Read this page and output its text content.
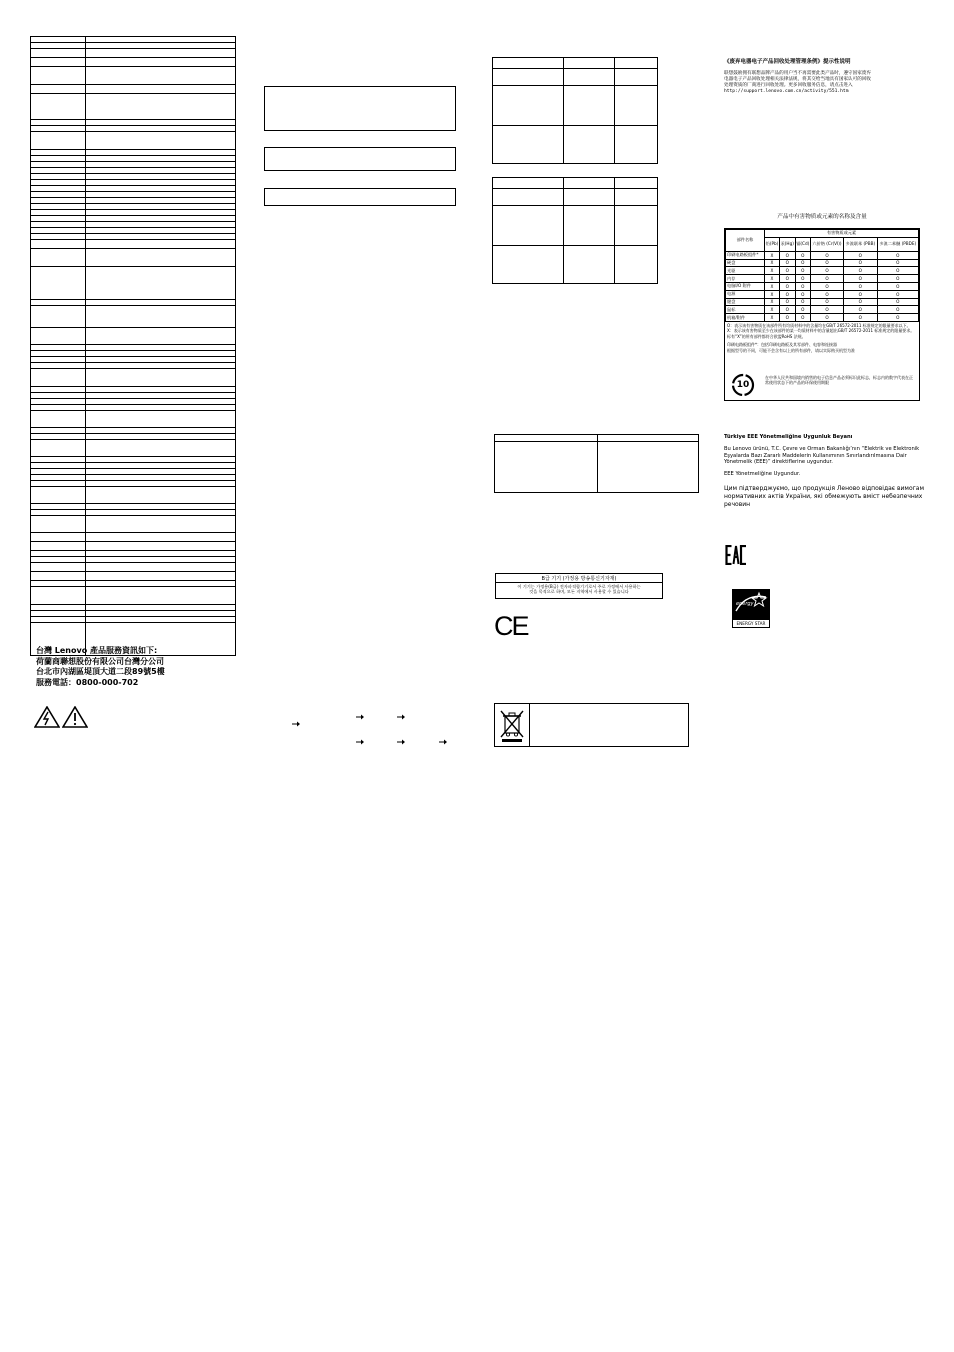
台灣 Lenovo 產品服務資訊如下:
荷蘭商聯想股份有限公司台灣分公司
台北市內湖區堤頂大道二段89號5樓
服務電話：0800-000-702

B급 기기 (가정용 방송통신기자재)

이 기기는 가정용(B급) 전자파적합기기로서 주로 가정에서 사용하는
것을 목적으로 하며, 모든 지역에서 사용할 수 있습니다
CE
《废弃电器电子产品回收处理管理条例》提示性说明
联想鼓励拥有联想品牌产品的用户当不再需要此类产品时，遵守国家废弃
电器电子产品回收处理相关法律法规，将其交给当地具有国家认可的回收
处理资质的厂商进行回收处理。更多回收服务信息，请点击进入
http://support.lenovo.com.cn/activity/551.htm
产品中有害物质或元素的名称及含量
部件名称	有害物质或元素					
	铅(Pb)	汞(Hg)	镉(Cd)	六价铬 (Cr(VI))	多溴联苯 (PBB)	多溴二苯醚 (PBDE)
印刷电路板组件*	X	O	O	O	O	O
硬盘	X	O	O	O	O	O
光驱	X	O	O	O	O	O
内存	X	O	O	O	O	O
电脑I/O 附件	X	O	O	O	O	O
电源	X	O	O	O	O	O
键盘	X	O	O	O	O	O
鼠标	X	O	O	O	O	O
机箱/附件	X	O	O	O	O	O
O：表示该有害物质在该部件所有均质材料中的含量均在GB/T 26572-2011 标准规定的限量要求以下。
X：表示该有害物质至少在该部件的某一均质材料中的含量超出GB/T 26572-2011 标准规定的限量要求。
标有“X”的所有部件都符合欧盟RoHS 法规。
印刷电路板组件*：包括印刷电路板及其零部件、电容和连接器
根据型号的不同，可能不会含有以上的所有部件，请以实际购买机型为准
10
在中华人民共和国境内销售的电子信息产品必须标识此标志，标志内的数字代表在正常使用状态下的产品的环保使用期限

Türkiye EEE Yönetmeliğine Uygunluk Beyanı

Bu Lenovo ürünü, T.C. Çevre ve Orman Bakanlığı’nın “Elektrik ve Elektronik Eşyalarda Bazı Zararlı Maddelerin Kullanımının Sınırlandırılmasına Dair Yönetmelik (EEE)” direktiflerine uygundur.

EEE Yönetmeliğine Uygundur.

Цим підтверджуємо, що продукція Леново відповідає вимогам нормативних актів України, які обмежують вміст небезпечних речовин

energy
ENERGY STAR
